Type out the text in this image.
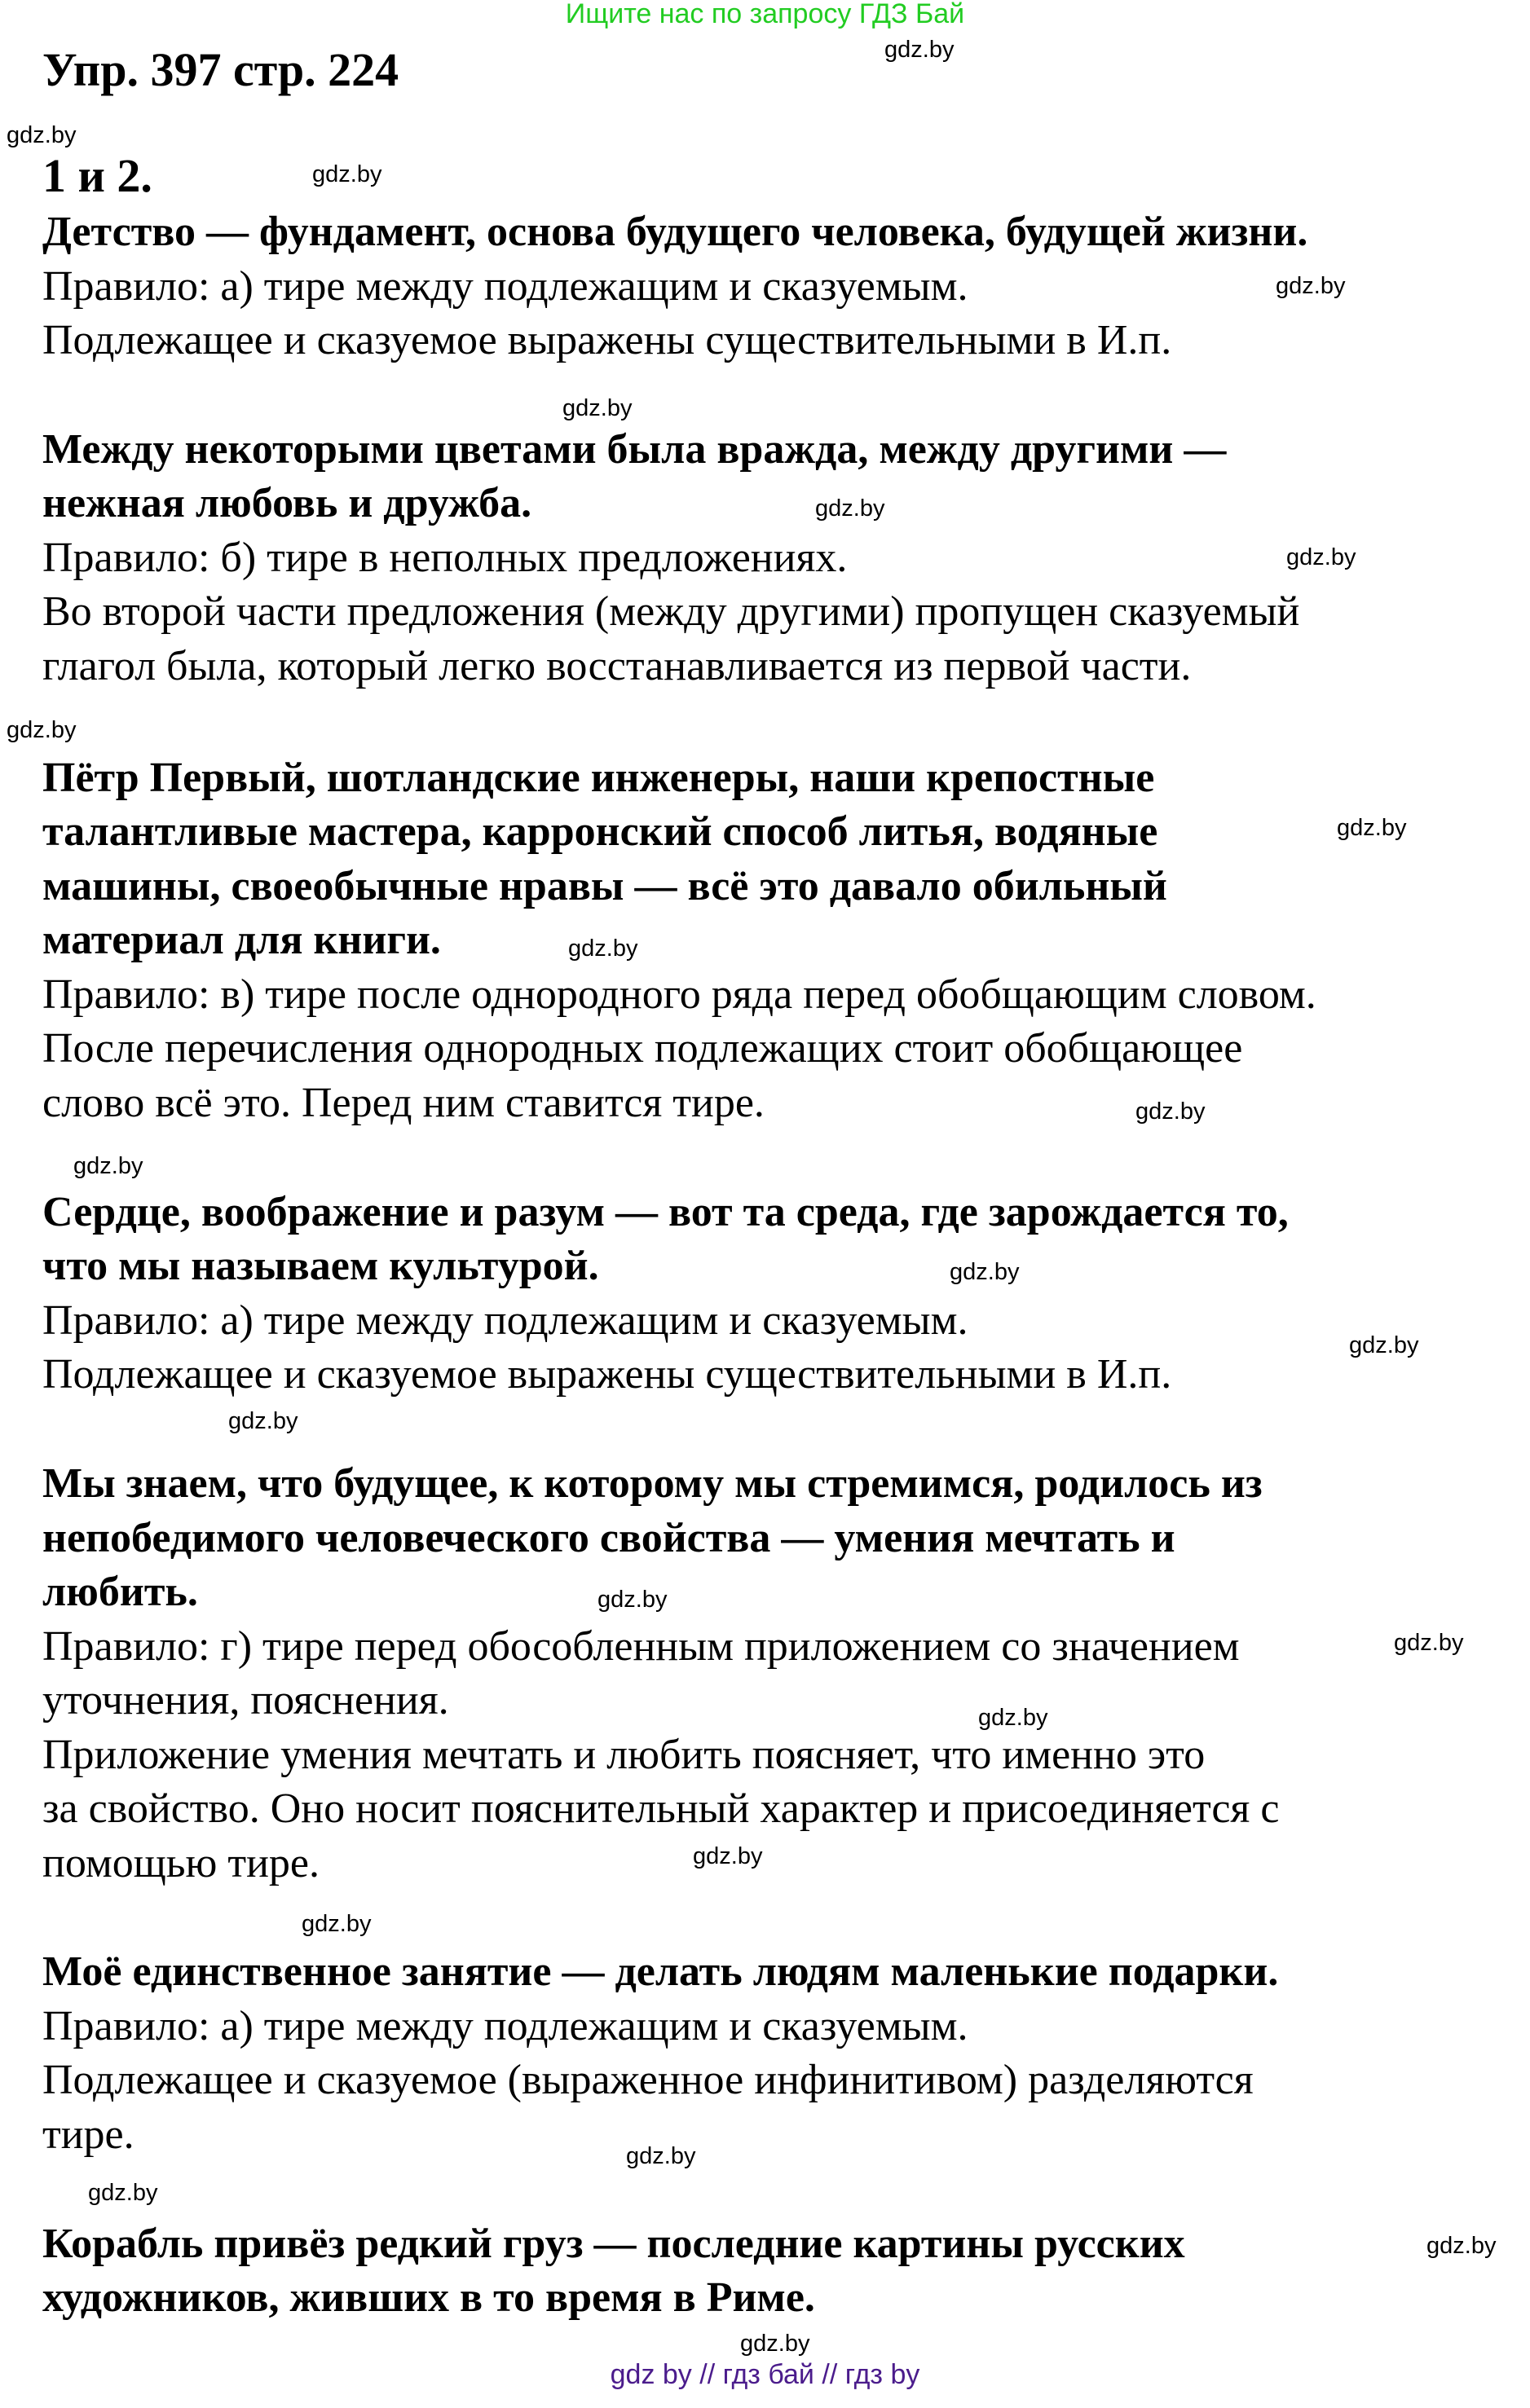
Ищите нас по запросу ГДЗ Бай
Упр. 397 стр. 224
1 и 2.
Детство — фундамент, основа будущего человека, будущей жизни.
Правило: а) тире между подлежащим и сказуемым.
Подлежащее и сказуемое выражены существительными в И.п.
Между некоторыми цветами была вражда, между другими —
нежная любовь и дружба.
Правило: б) тире в неполных предложениях.
Во второй части предложения (между другими) пропущен сказуемый
глагол была, который легко восстанавливается из первой части.
Пётр Первый, шотландские инженеры, наши крепостные
талантливые мастера, карронский способ литья, водяные
машины, своеобычные нравы — всё это давало обильный
материал для книги.
Правило: в) тире после однородного ряда перед обобщающим словом.
После перечисления однородных подлежащих стоит обобщающее
слово всё это. Перед ним ставится тире.
Сердце, воображение и разум — вот та среда, где зарождается то,
что мы называем культурой.
Правило: а) тире между подлежащим и сказуемым.
Подлежащее и сказуемое выражены существительными в И.п.
Мы знаем, что будущее, к которому мы стремимся, родилось из
непобедимого человеческого свойства — умения мечтать и
любить.
Правило: г) тире перед обособленным приложением со значением
уточнения, пояснения.
Приложение умения мечтать и любить поясняет, что именно это
за свойство. Оно носит пояснительный характер и присоединяется с
помощью тире.
Моё единственное занятие — делать людям маленькие подарки.
Правило: а) тире между подлежащим и сказуемым.
Подлежащее и сказуемое (выраженное инфинитивом) разделяются
тире.
Корабль привёз редкий груз — последние картины русских
художников, живших в то время в Риме.
gdz.by
gdz.by
gdz.by
gdz.by
gdz.by
gdz.by
gdz.by
gdz.by
gdz.by
gdz.by
gdz.by
gdz.by
gdz.by
gdz.by
gdz.by
gdz.by
gdz.by
gdz.by
gdz.by
gdz.by
gdz.by
gdz.by
gdz.by
gdz.by
gdz by // гдз бай // гдз by
